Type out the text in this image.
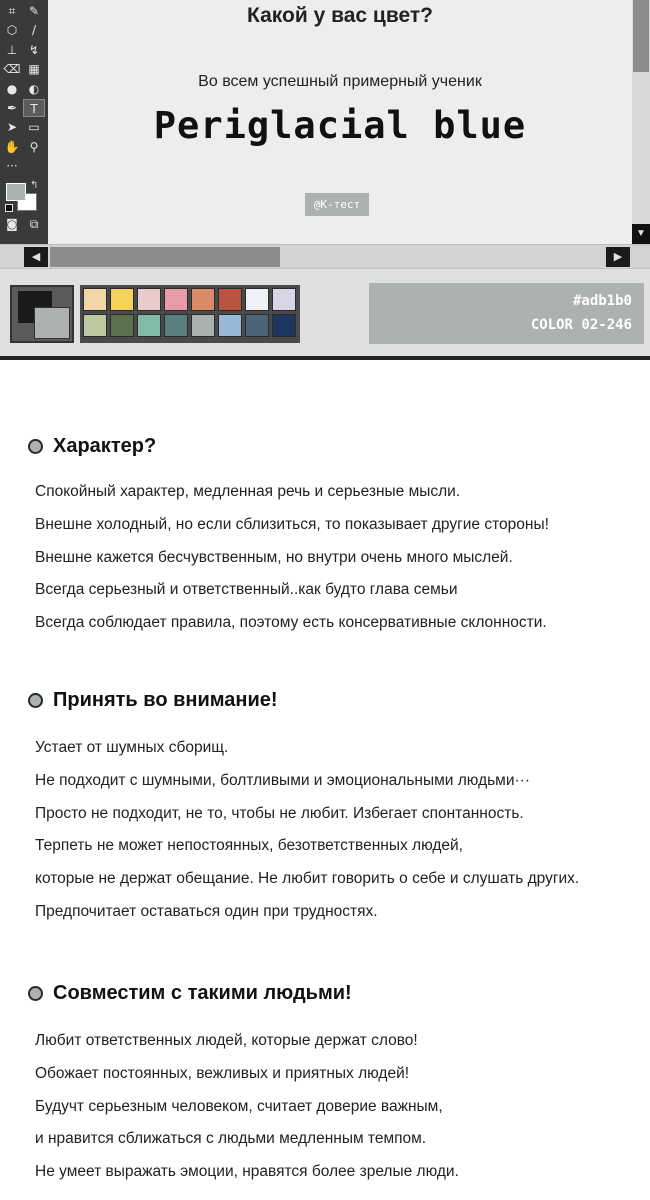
⌗	✎
⬡	/
⊥ ↯
⌫ ▦
● ◐
✒	T
➤ ▭
✋ ⚲
···
◙ ⧉
↰
Какой у вас цвет?
Во всем успешный примерный ученик
Periglacial blue
@K-тест
▼
◀	▶
#adb1b0
COLOR 02-246
Характер?
Спокойный характер, медленная речь и серьезные мысли.
Внешне холодный, но если сблизиться, то показывает другие стороны!
Внешне кажется бесчувственным, но внутри очень много мыслей.
Всегда серьезный и ответственный..как будто глава семьи
Всегда соблюдает правила, поэтому есть консервативные склонности.
Принять во внимание!
Устает от шумных сборищ.
Не подходит с шумными, болтливыми и эмоциональными людьми···
Просто не подходит, не то, чтобы не любит. Избегает спонтанность.
Терпеть не может непостоянных, безответственных людей,
которые не держат обещание. Не любит говорить о себе и слушать других.
Предпочитает оставаться один при трудностях.
Совместим с такими людьми!
Любит ответственных людей, которые держат слово!
Обожает постоянных, вежливых и приятных людей!
Будучт серьезным человеком, считает доверие важным,
и нравится сближаться с людьми медленным темпом.
Не умеет выражать эмоции, нравятся более зрелые люди.
